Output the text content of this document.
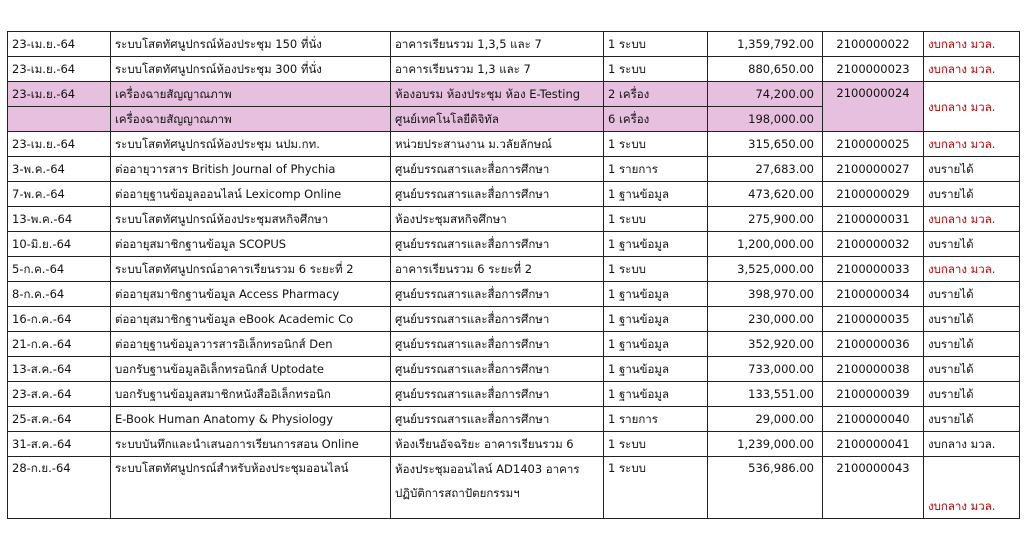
23-เม.ย.-64	ระบบโสตทัศนูปกรณ์ห้องประชุม 150 ที่นั่ง	อาคารเรียนรวม 1,3,5 และ 7	1 ระบบ	1,359,792.00	2100000022	งบกลาง มวล.
23-เม.ย.-64	ระบบโสตทัศนูปกรณ์ห้องประชุม 300 ที่นั่ง	อาคารเรียนรวม 1,3 และ 7	1 ระบบ	880,650.00	2100000023	งบกลาง มวล.
23-เม.ย.-64	เครื่องฉายสัญญาณภาพ	ห้องอบรม ห้องประชุม ห้อง E-Testing	2 เครื่อง	74,200.00	2100000024	งบกลาง มวล.
	เครื่องฉายสัญญาณภาพ	ศูนย์เทคโนโลยีดิจิทัล	6 เครื่อง	198,000.00		
23-เม.ย.-64	ระบบโสตทัศนูปกรณ์ห้องประชุม นปม.กท.	หน่วยประสานงาน ม.วลัยลักษณ์	1 ระบบ	315,650.00	2100000025	งบกลาง มวล.
3-พ.ค.-64	ต่ออายุวารสาร British Journal of Phychia	ศูนย์บรรณสารและสื่อการศึกษา	1 รายการ	27,683.00	2100000027	งบรายได้
7-พ.ค.-64	ต่ออายุฐานข้อมูลออนไลน์ Lexicomp Online	ศูนย์บรรณสารและสื่อการศึกษา	1 ฐานข้อมูล	473,620.00	2100000029	งบรายได้
13-พ.ค.-64	ระบบโสตทัศนูปกรณ์ห้องประชุมสหกิจศึกษา	ห้องประชุมสหกิจศึกษา	1 ระบบ	275,900.00	2100000031	งบกลาง มวล.
10-มิ.ย.-64	ต่ออายุสมาชิกฐานข้อมูล SCOPUS	ศูนย์บรรณสารและสื่อการศึกษา	1 ฐานข้อมูล	1,200,000.00	2100000032	งบรายได้
5-ก.ค.-64	ระบบโสตทัศนูปกรณ์อาคารเรียนรวม 6 ระยะที่ 2	อาคารเรียนรวม 6 ระยะที่ 2	1 ระบบ	3,525,000.00	2100000033	งบกลาง มวล.
8-ก.ค.-64	ต่ออายุสมาชิกฐานข้อมูล Access Pharmacy	ศูนย์บรรณสารและสื่อการศึกษา	1 ฐานข้อมูล	398,970.00	2100000034	งบรายได้
16-ก.ค.-64	ต่ออายุสมาชิกฐานข้อมูล eBook Academic Co	ศูนย์บรรณสารและสื่อการศึกษา	1 ฐานข้อมูล	230,000.00	2100000035	งบรายได้
21-ก.ค.-64	ต่ออายุฐานข้อมูลวารสารอิเล็กทรอนิกส์ Den	ศูนย์บรรณสารและสื่อการศึกษา	1 ฐานข้อมูล	352,920.00	2100000036	งบรายได้
13-ส.ค.-64	บอกรับฐานข้อมูลอิเล็กทรอนิกส์ Uptodate	ศูนย์บรรณสารและสื่อการศึกษา	1 ฐานข้อมูล	733,000.00	2100000038	งบรายได้
23-ส.ค.-64	บอกรับฐานข้อมูลสมาชิกหนังสืออิเล็กทรอนิก	ศูนย์บรรณสารและสื่อการศึกษา	1 ฐานข้อมูล	133,551.00	2100000039	งบรายได้
25-ส.ค.-64	E-Book Human Anatomy & Physiology	ศูนย์บรรณสารและสื่อการศึกษา	1 รายการ	29,000.00	2100000040	งบรายได้
31-ส.ค.-64	ระบบบันทึกและนำเสนอการเรียนการสอน Online	ห้องเรียนอัจฉริยะ อาคารเรียนรวม 6	1 ระบบ	1,239,000.00	2100000041	งบกลาง มวล.
28-ก.ย.-64	ระบบโสตทัศนูปกรณ์สำหรับห้องประชุมออนไลน์	ห้องประชุมออนไลน์ AD1403 อาคารปฏิบัติการสถาปัตยกรรมฯ	1 ระบบ	536,986.00	2100000043	งบกลาง มวล.
